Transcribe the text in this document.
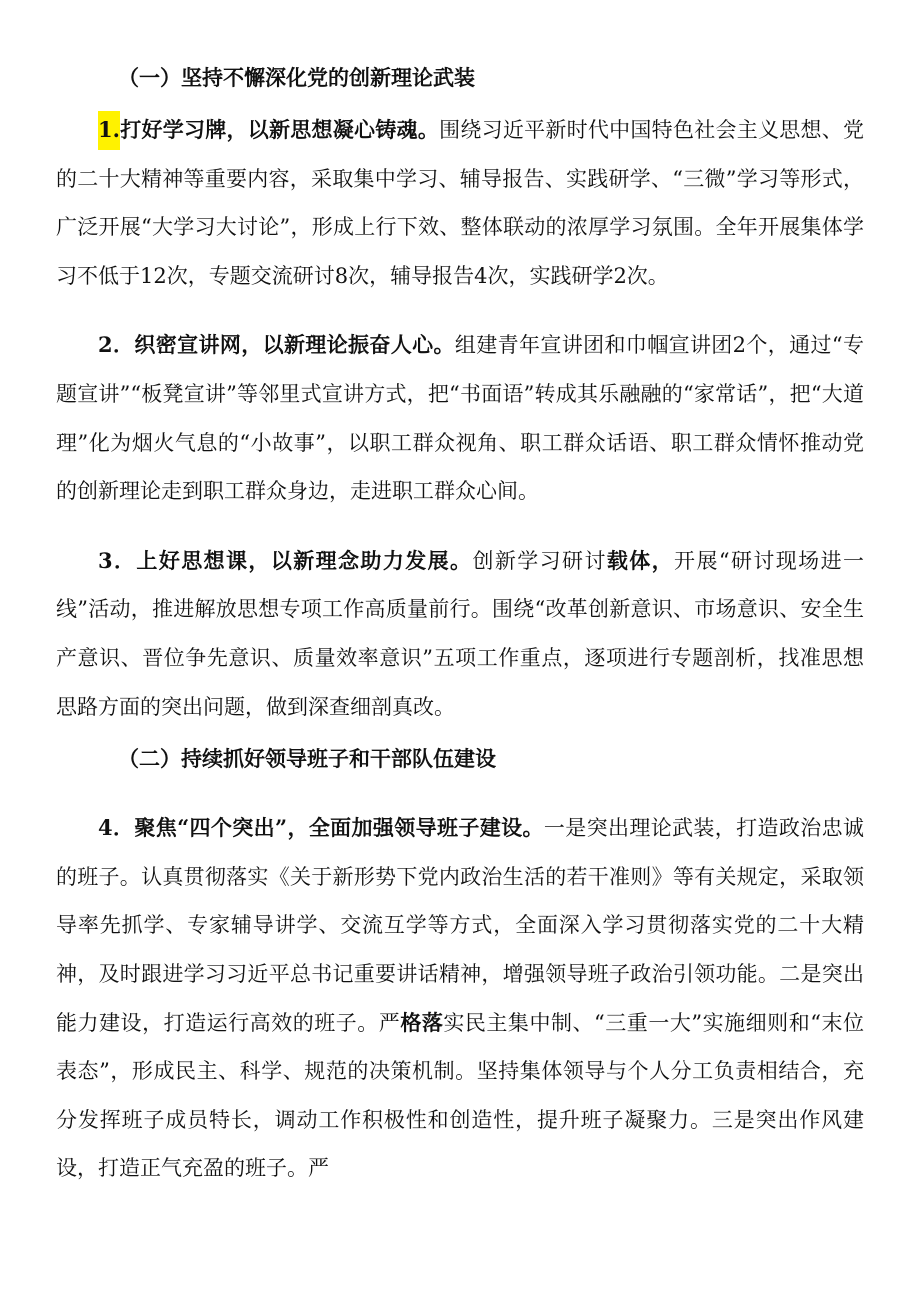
（一）坚持不懈深化党的创新理论武装

1.打好学习牌，以新思想凝心铸魂。围绕习近平新时代中国特色社会主义思想、党的二十大精神等重要内容，采取集中学习、辅导报告、实践研学、“三微”学习等形式，广泛开展“大学习大讨论”，形成上行下效、整体联动的浓厚学习氛围。全年开展集体学习不低于12次，专题交流研讨8次，辅导报告4次，实践研学2次。

2．织密宣讲网，以新理论振奋人心。组建青年宣讲团和巾帼宣讲团2个，通过“专题宣讲”“板凳宣讲”等邻里式宣讲方式，把“书面语”转成其乐融融的“家常话”，把“大道理”化为烟火气息的“小故事”，以职工群众视角、职工群众话语、职工群众情怀推动党的创新理论走到职工群众身边，走进职工群众心间。

3．上好思想课，以新理念助力发展。创新学习研讨载体，开展“研讨现场进一线”活动，推进解放思想专项工作高质量前行。围绕“改革创新意识、市场意识、安全生产意识、晋位争先意识、质量效率意识”五项工作重点，逐项进行专题剖析，找准思想思路方面的突出问题，做到深查细剖真改。

（二）持续抓好领导班子和干部队伍建设

4．聚焦“四个突出”，全面加强领导班子建设。一是突出理论武装，打造政治忠诚的班子。认真贯彻落实《关于新形势下党内政治生活的若干准则》等有关规定，采取领导率先抓学、专家辅导讲学、交流互学等方式，全面深入学习贯彻落实党的二十大精神，及时跟进学习习近平总书记重要讲话精神，增强领导班子政治引领功能。二是突出能力建设，打造运行高效的班子。严格落实民主集中制、“三重一大”实施细则和“末位表态”，形成民主、科学、规范的决策机制。坚持集体领导与个人分工负责相结合，充分发挥班子成员特长，调动工作积极性和创造性，提升班子凝聚力。三是突出作风建设，打造正气充盈的班子。严
